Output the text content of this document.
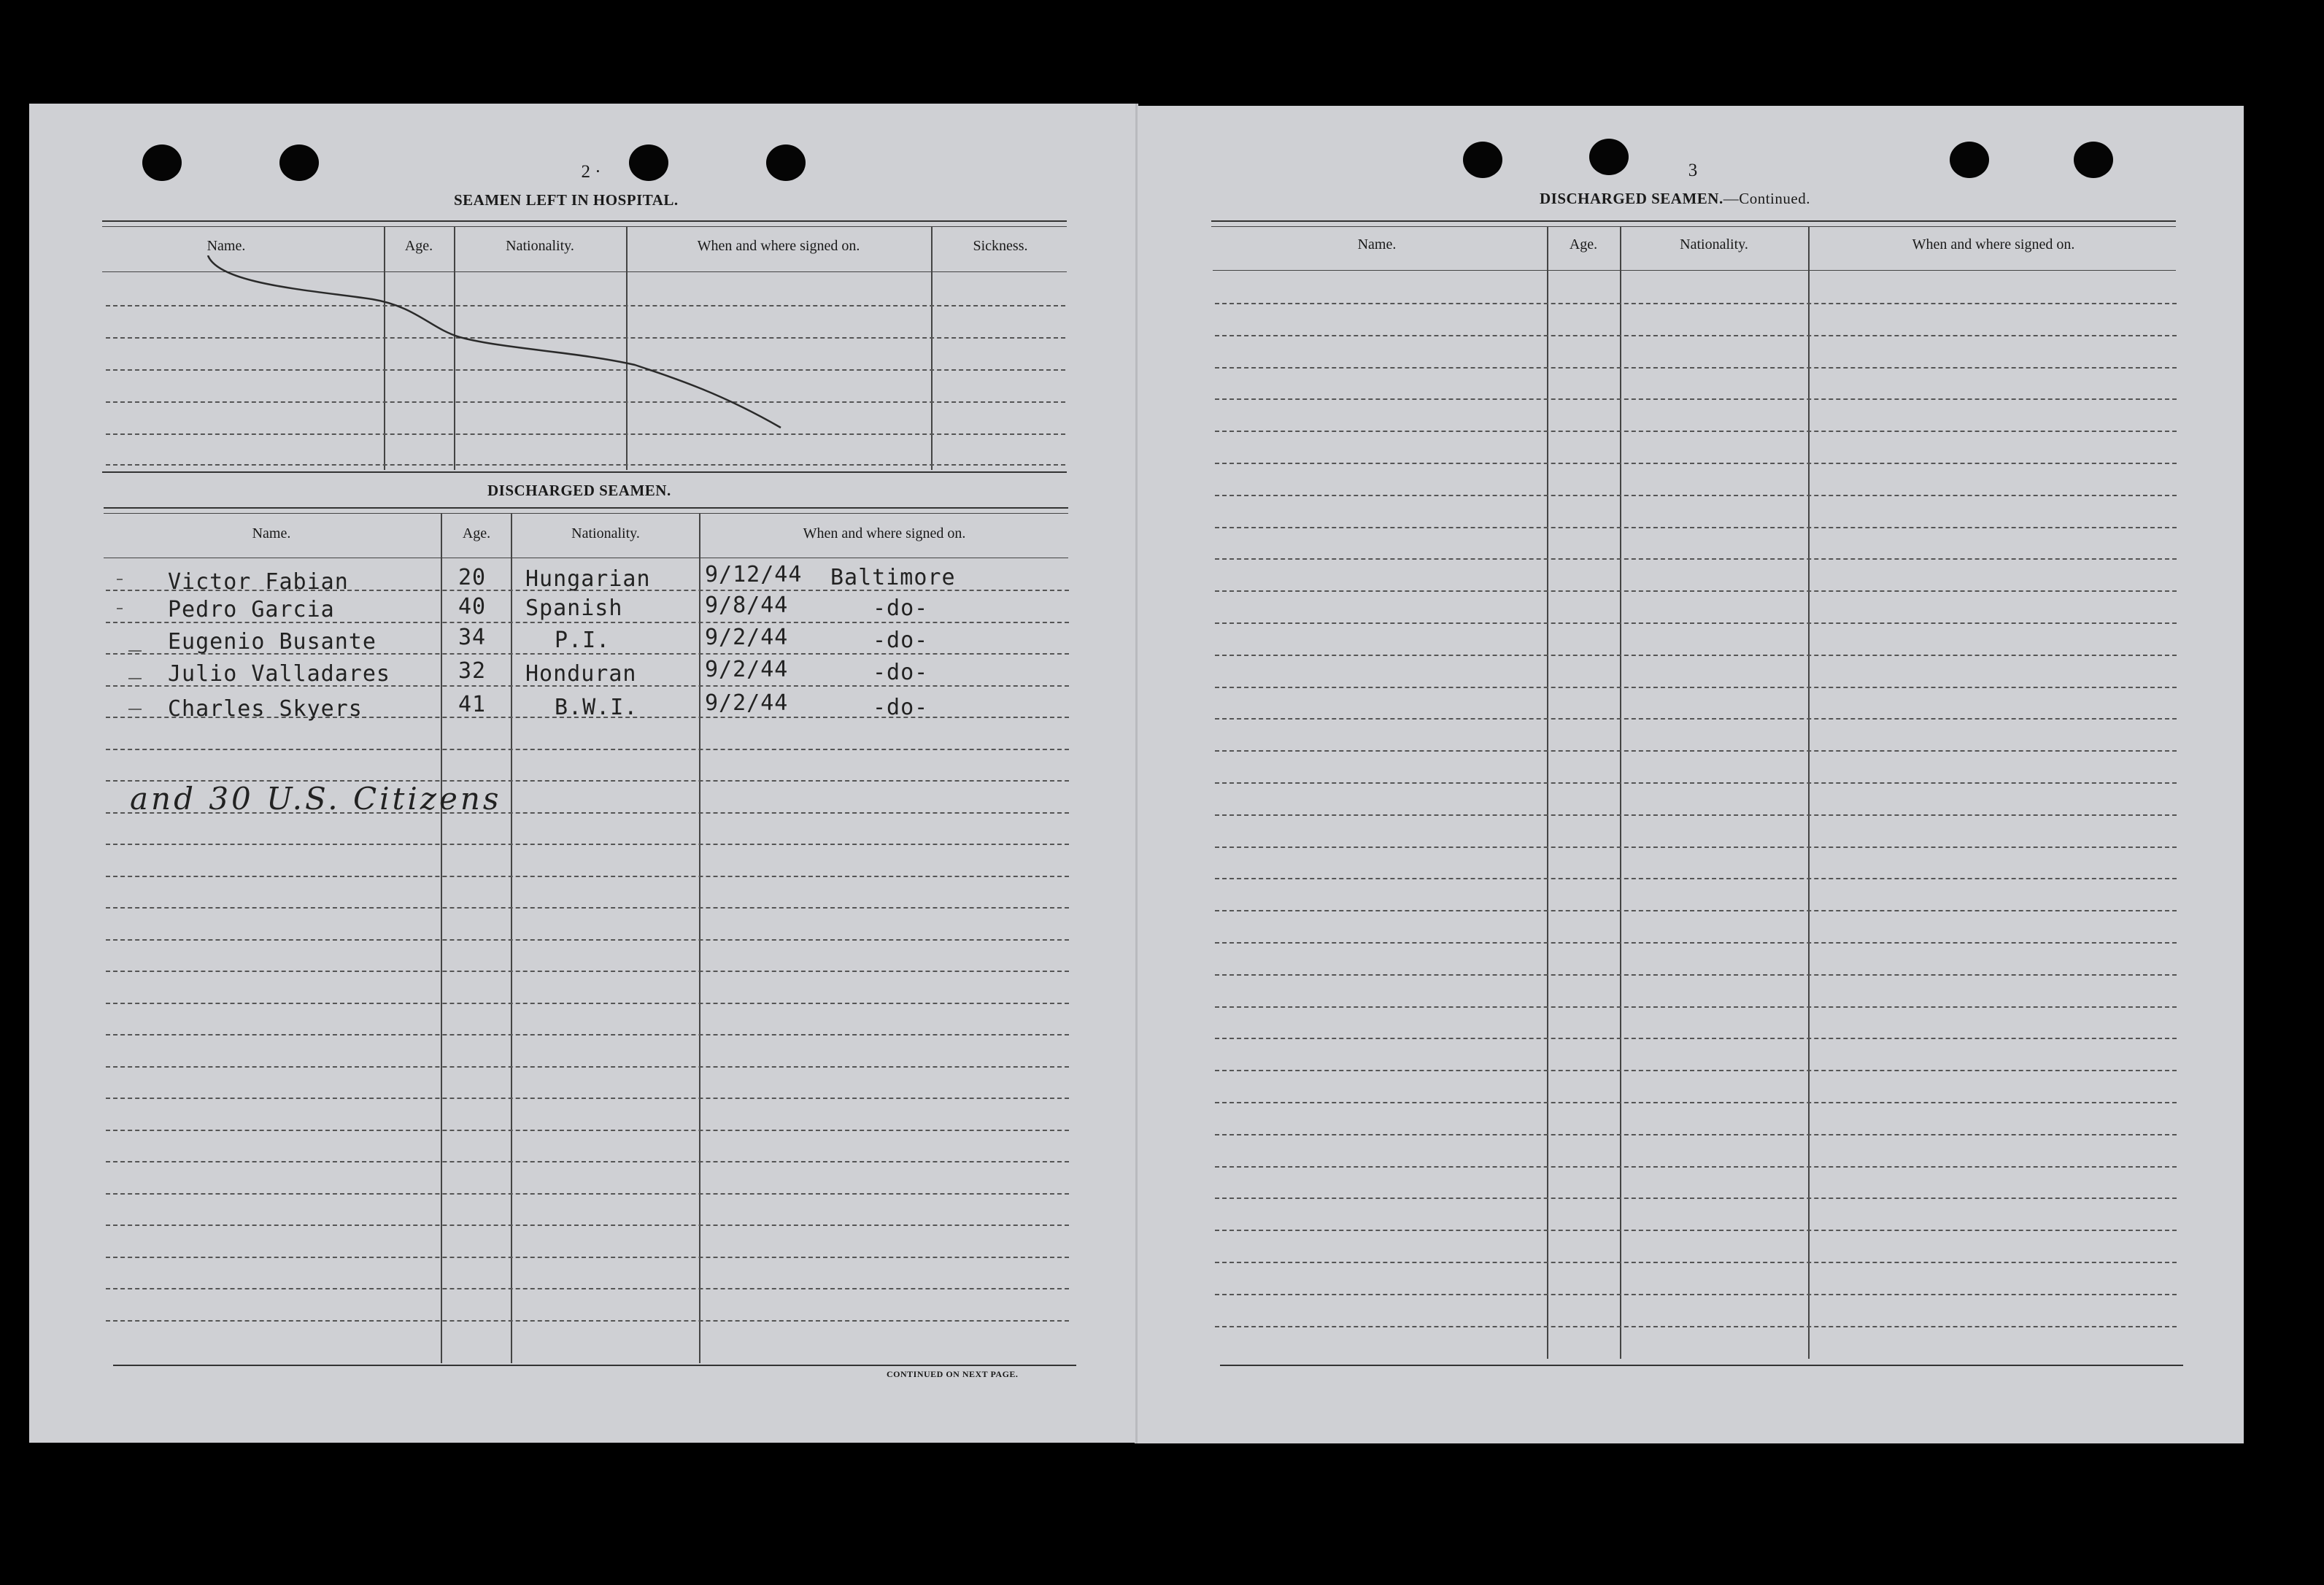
2 ·
SEAMEN LEFT IN HOSPITAL.
Name.	Age.	Nationality.	When and where signed on.	Sickness.
DISCHARGED SEAMEN.
Name.	Age.	Nationality.	When and where signed on.
Victor Fabian	20 Hungarian 9/12/44 Baltimore
Pedro Garcia	40 Spanish	9/8/44	-do-
Eugenio Busante	34	P.I.	9/2/44	-do-
Julio Valladares	32 Honduran	9/2/44	-do-
Charles Skyers	41	B.W.I.	9/2/44	-do-
and 30 U.S. Citizens
CONTINUED ON NEXT PAGE.
3
DISCHARGED SEAMEN.—Continued.
Name.	Age.	Nationality.	When and where signed on.
